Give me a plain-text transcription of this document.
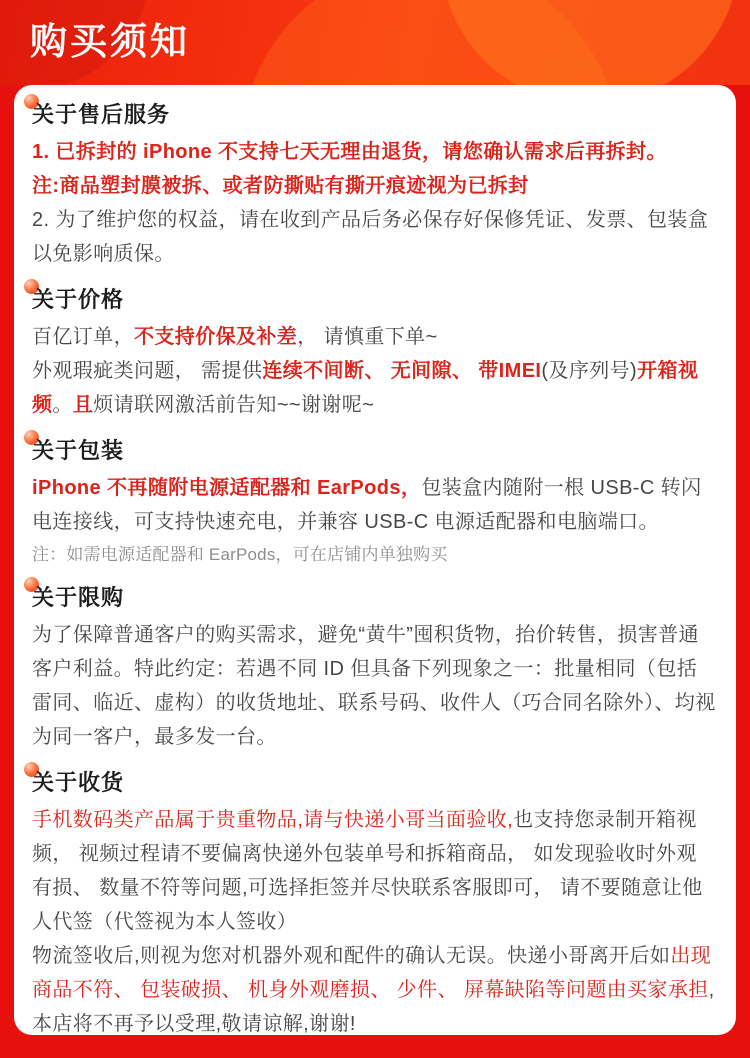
购买须知
关于售后服务

1. 已拆封的 iPhone 不支持七天无理由退货，请您确认需求后再拆封。

注:商品塑封膜被拆、或者防撕贴有撕开痕迹视为已拆封

2. 为了维护您的权益，请在收到产品后务必保存好保修凭证、发票、包装盒以免影响质保。

关于价格

百亿订单，不支持价保及补差， 请慎重下单~

外观瑕疵类问题， 需提供连续不间断、 无间隙、 带IMEI(及序列号)开箱视频。且烦请联网激活前告知~~谢谢呢~

关于包装

iPhone 不再随附电源适配器和 EarPods，包装盒内随附一根 USB-C 转闪电连接线，可支持快速充电，并兼容 USB-C 电源适配器和电脑端口。

注：如需电源适配器和 EarPods，可在店铺内单独购买

关于限购

为了保障普通客户的购买需求，避免“黄牛”囤积货物，抬价转售，损害普通客户利益。特此约定：若遇不同 ID 但具备下列现象之一：批量相同（包括雷同、临近、虚构）的收货地址、联系号码、收件人（巧合同名除外）、均视为同一客户，最多发一台。

关于收货

手机数码类产品属于贵重物品,请与快递小哥当面验收,也支持您录制开箱视频， 视频过程请不要偏离快递外包装单号和拆箱商品， 如发现验收时外观有损、 数量不符等问题,可选择拒签并尽快联系客服即可， 请不要随意让他人代签（代签视为本人签收）

物流签收后,则视为您对机器外观和配件的确认无误。快递小哥离开后如出现商品不符、 包装破损、 机身外观磨损、 少件、 屏幕缺陷等问题由买家承担,本店将不再予以受理,敬请谅解,谢谢!
